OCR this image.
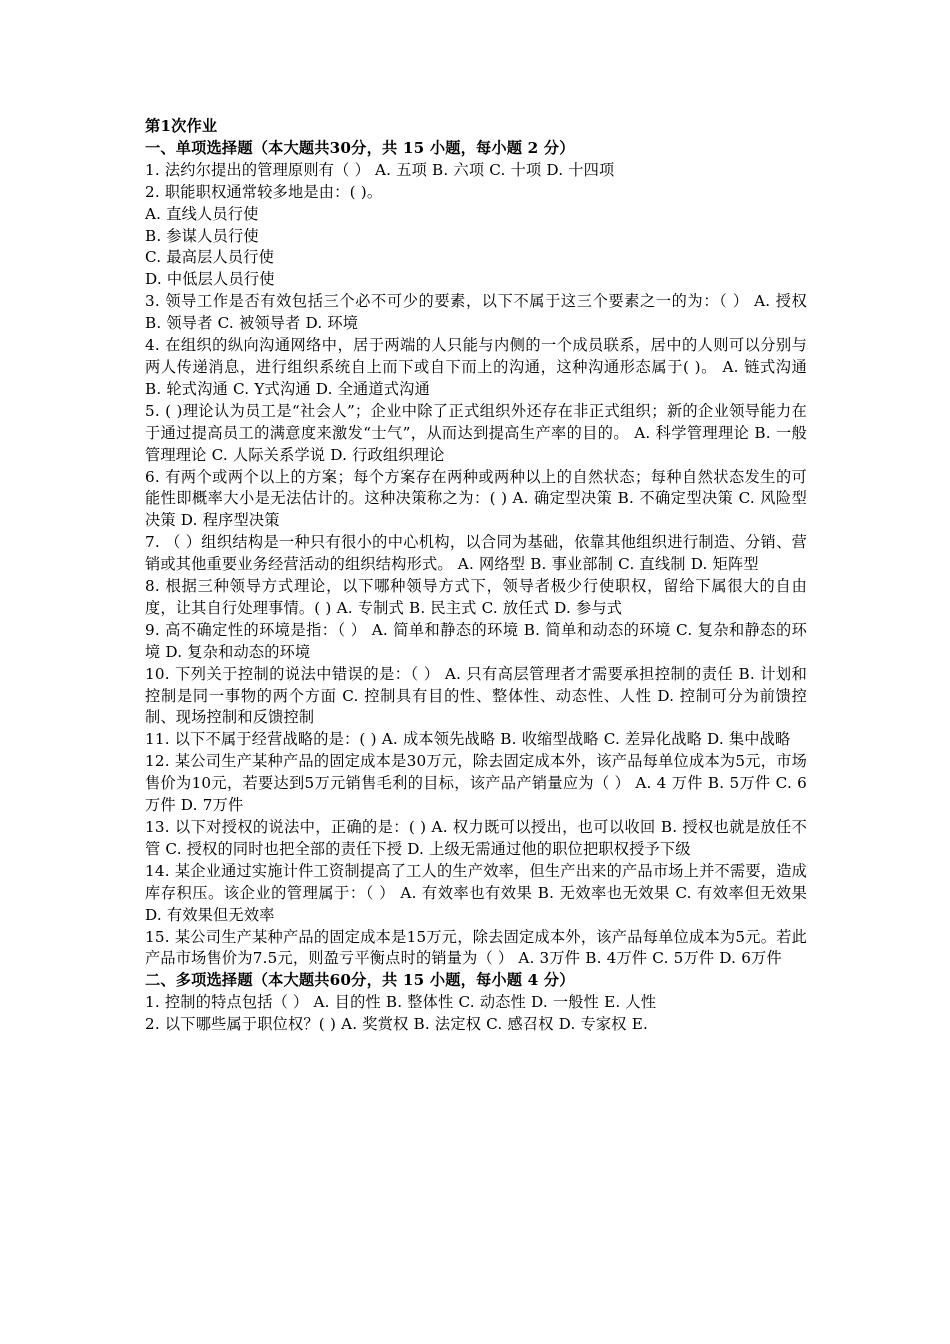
第1次作业

一、单项选择题（本大题共30分，共 15 小题，每小题 2 分）

1. 法约尔提出的管理原则有（ ） A. 五项 B. 六项 C. 十项 D. 十四项

2. 职能职权通常较多地是由：( )。

A. 直线人员行使

B. 参谋人员行使

C. 最高层人员行使

D. 中低层人员行使

3. 领导工作是否有效包括三个必不可少的要素，以下不属于这三个要素之一的为：（ ） A. 授权 B. 领导者 C. 被领导者 D. 环境

4. 在组织的纵向沟通网络中，居于两端的人只能与内侧的一个成员联系，居中的人则可以分别与两人传递消息，进行组织系统自上而下或自下而上的沟通，这种沟通形态属于( )。 A. 链式沟通 B. 轮式沟通 C. Y式沟通 D. 全通道式沟通

5. ( )理论认为员工是“社会人”；企业中除了正式组织外还存在非正式组织；新的企业领导能力在于通过提高员工的满意度来激发“士气”，从而达到提高生产率的目的。 A. 科学管理理论 B. 一般管理理论 C. 人际关系学说 D. 行政组织理论

6. 有两个或两个以上的方案；每个方案存在两种或两种以上的自然状态；每种自然状态发生的可能性即概率大小是无法估计的。这种决策称之为：( ) A. 确定型决策 B. 不确定型决策 C. 风险型决策 D. 程序型决策

7. （ ）组织结构是一种只有很小的中心机构，以合同为基础，依靠其他组织进行制造、分销、营销或其他重要业务经营活动的组织结构形式。 A. 网络型 B. 事业部制 C. 直线制 D. 矩阵型

8. 根据三种领导方式理论，以下哪种领导方式下，领导者极少行使职权，留给下属很大的自由度，让其自行处理事情。( ) A. 专制式 B. 民主式 C. 放任式 D. 参与式

9. 高不确定性的环境是指：（ ） A. 简单和静态的环境 B. 简单和动态的环境 C. 复杂和静态的环境 D. 复杂和动态的环境

10. 下列关于控制的说法中错误的是：（ ） A. 只有高层管理者才需要承担控制的责任 B. 计划和控制是同一事物的两个方面 C. 控制具有目的性、整体性、动态性、人性 D. 控制可分为前馈控制、现场控制和反馈控制

11. 以下不属于经营战略的是：( ) A. 成本领先战略 B. 收缩型战略 C. 差异化战略 D. 集中战略

12. 某公司生产某种产品的固定成本是30万元，除去固定成本外，该产品每单位成本为5元，市场售价为10元，若要达到5万元销售毛利的目标，该产品产销量应为（ ） A. 4 万件 B. 5万件 C. 6万件 D. 7万件

13. 以下对授权的说法中，正确的是：( ) A. 权力既可以授出，也可以收回 B. 授权也就是放任不管 C. 授权的同时也把全部的责任下授 D. 上级无需通过他的职位把职权授予下级

14. 某企业通过实施计件工资制提高了工人的生产效率，但生产出来的产品市场上并不需要，造成库存积压。该企业的管理属于：（ ） A. 有效率也有效果 B. 无效率也无效果 C. 有效率但无效果 D. 有效果但无效率

15. 某公司生产某种产品的固定成本是15万元，除去固定成本外，该产品每单位成本为5元。若此产品市场售价为7.5元，则盈亏平衡点时的销量为（ ） A. 3万件 B. 4万件 C. 5万件 D. 6万件

二、多项选择题（本大题共60分，共 15 小题，每小题 4 分）

1. 控制的特点包括（ ） A. 目的性 B. 整体性 C. 动态性 D. 一般性 E. 人性

2. 以下哪些属于职位权？( ) A. 奖赏权 B. 法定权 C. 感召权 D. 专家权 E.
